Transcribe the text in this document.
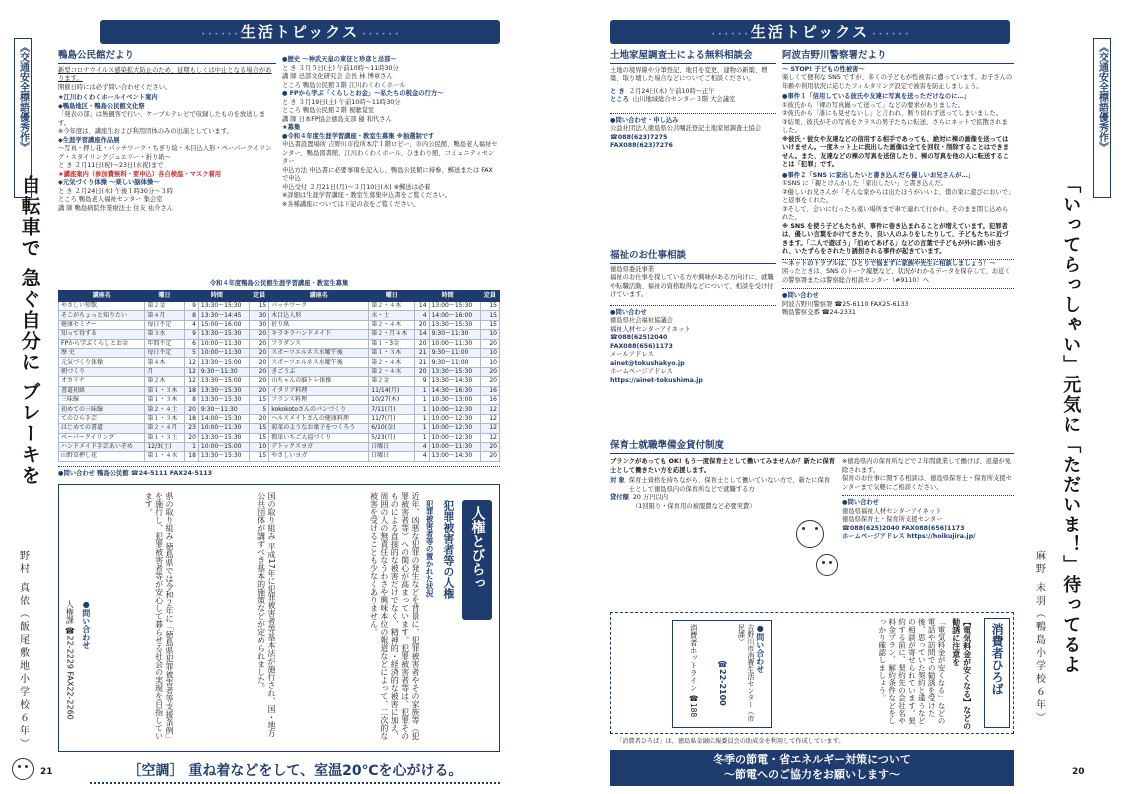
《交通安全標語優秀作》
自転車で 急ぐ自分に ブレーキを
野村 真依（飯尾敷地小学校６年）
21
· · · 生活トピックス · · ·
鴨島公民館だより
新型コロナウイルス感染拡大防止のため、延期もしくは中止となる場合があります。
開催日時には必ず問い合わせください。
★江川わくわくホールイベント案内
◆鴨島地区・鴨島公民館文化祭
「発表の部」は無観客で行い、ケーブルテレビで収録したものを放送します。
※今年度は、講座生および利用団体のみの出演としています。
◆生涯学習講座作品展
〜写真・押し花・パッチワーク・ちぎり絵・木目込人形・ペーパークイリング・スタイリングジュエリー・折り紙〜
と き ２月11日(祝)〜23日(水祝)まで
★講座案内（参加費無料・要申込）各自検温・マスク着用
◆元気づくり体操 〜楽しい脳体操〜
と き ２月24日(木) 午後１時30分〜３時
ところ 鴨島老人福祉センター 集会室
講 師 鴨島病院作業療法士 住友 祐介さん
●歴史 〜神武天皇の東征と珍彦と忌部〜
と き ３月５日(土) 午前10時〜11時30分
講 師 忌部文化研究会 会長 林 博章さん
ところ 鴨島公民館３階 江川わくわくホール
● FPから学ぶ「くらしとお金」〜私たちの税金の行方〜
と き ３月19日(土) 午前10時〜11時30分
ところ 鴨島公民館２階 視聴覚室
講 師 日本FP協会徳島支部 優 和代さん
★募集
●令和４年度生涯学習講座・教室生募集 ※抽選制です
申込書設置場所 吉野川市役所本庁１階ロビー、市内公民館、鴨島老人福祉センター、鴨島図書館、江川わくわくホール、ひまわり館、コミュニティセンター
申込方法 申込書に必要事項を記入し、鴨島公民館に持参、郵送または FAX で申込
申込受付 ２月21日(月)〜３月10日(木) ※郵送は必着
※詳細は生涯学習講座・教室生募集申込書をご覧ください。
※各種講座については下記の表をご覧ください。
令和４年度鴨島公民館生涯学習講座・教室生募集
講座名	曜日	時間		定員	講座名	曜日	時間		定員
やさしい短歌	第２金	9	13:30〜15:30	15	パッチワーク	第２・４木	14	13:00〜15:30	15
そこがちょっと知りたい	第４月	8	13:30〜14:45	30	木目込人形	水・土	4	14:00〜16:00	15
健康セミナー	毎日不定	4	15:00〜16:00	30	折り紙	第２・４木	20	13:30〜15:30	15
知って得する	第３水	9	13:30〜15:30	20	キラキラハンドメイド	第２・月４木	14	9:30〜11:30	10
FPから学ぶくらしとお金	年間不定	6	10:00〜11:30	20	フラダンス	第１・3金	20	10:00〜11:30	20
歴 史	毎日不定	5	10:00〜11:30	20	スポーツエルネス水曜午後	第１・３木	21	9:30〜11:00	10
元気づくり体操	第４木	12	13:30〜15:00	20	スポーツエルネス水曜午後	第２・４木	21	9:30〜11:00	10
朝づくり	月	12	9:30〜11:30	20	きごうぶ	第２・４水	20	13:30〜15:30	20
オカリナ	第２木	12	13:30〜15:00	20	山ちゃんの脳トレ体操	第２金	9	13:30〜14:30	20
書道初級	第１・３木	18	13:30〜15:30	20	イタリア料理	11/14(月)	1	14:30〜16:30	16
三味線	第１・３木	8	13:30〜15:30	15	フランス料理	10/27(木)	1	10:30〜13:00	16
初めての三味線	第２・４土	20	9:30〜11:30	5	kokokotoさんのパンづくり	7/11(月)	1	10:00〜12:30	12
てのひら手芸	第１・３木	18	14:00〜15:30	20	ヘルスメイトさんの健康料理	11/7(月)	1	10:00〜12:30	12
はじめての書道	第２・４月	23	10:00〜11:30	15	菊菜のようなお菓子をつくろう	6/10(金)	1	10:00〜12:30	12
ペーパークイリング	第１・３土	20	13:30〜15:30	15	簡単いちご大福づくり	5/23(月)	1	10:00〜12:30	12
ハンドメイド手芸あいぞめ	12/3(土)	1	10:00〜15:00	10	デトックスヨガ	日曜日	4	10:00〜11:30	20
山野草押し花	第１・４水	18	13:30〜15:30	15	やさしいヨガ	日曜日	4	13:00〜14:30	20
●問い合わせ 鴨島公民館 ☎24-5111 FAX24-5113
人権とびらっ
犯罪被害者等の人権
犯罪被害者等の置かれた状況
近年、凶悪な犯罪の発生などを背景に、犯罪被害者やその家族等（犯罪被害者等）への関心が高まっています。犯罪被害者等は、犯罪そのものによる直接的な被害だけでなく、精神的・経済的な被害に加え、周囲の人の無責任なうわさや興味本位の報道などによって、二次的な被害を受けることも少なくありません。
国の取り組み 平成17年に犯罪被害者等基本法が施行され、国・地方公共団体が講ずべき基本的施策などが定められました。
県の取り組み 徳島県では令和２年に「徳島県犯罪被害者等支援条例」を施行し、犯罪被害者等が安心して暮らせる社会の実現を目指しています。
●問い合わせ
人権課 ☎22-2229 FAX22-2260
［空調］ 重ね着などをして、室温20℃を心がける。
· · · 生活トピックス · · ·
土地家屋調査士による無料相談会
土地の境界線や分筆登記、地目を変更、建物の新築、増築、取り壊した場合などについてご相談ください。
と き ２月24日(木) 午前10時〜正午
ところ 山川地域総合センター３階 大会議室
●問い合わせ・申し込み
公益社団法人徳島県公共嘱託登記土地家屋調査士協会
☎088(623)7275
FAX088(623)7276
福祉のお仕事相談
徳島県委託事業
福祉のお仕事を探している方や興味がある方向けに、就職や転職活動、福祉の資格取得などについて、相談を受け付けています。
●問い合わせ
徳島県社会福祉協議会
福祉人材センターアイネット
☎088(625)2040
FAX088(656)1173
メールアドレス
ainet@tokushakyo.jp
ホームページアドレス
https://ainet-tokushima.jp
阿波吉野川警察署だより
〜 STOP! 子どもの性被害〜
楽しくて便利な SNS ですが、多くの子どもが性被害に遭っています。お子さんの年齢や利用状況に応じたフィルタリング設定で被害を防止しましょう。
●事件１「信用している彼氏や友達に写真を送っただけなのに…」
①彼氏から「裸の写真撮って送って」などの要求がありました。
②彼氏から「誰にも見せないし」と言われ、断り切れず送ってしまいました。
③結果、彼氏がその写真をクラスの男子たちに転送、さらにネットで拡散されました。
※彼氏・彼女や友達などの信用する相手であっても、絶対に裸の画像を送ってはいけません。一度ネット上に流出した画像は全てを回収・削除することはできません。また、友達などの裸の写真を送信したり、裸の写真を他の人に転送することは「犯罪」です。
●事件２「SNS に家出したいと書き込んだら優しいお兄さんが…」
①SNS に「親とけんかした「家出したい」と書き込んだ。
②優しいお兄さんが「そんな家からは出たほうがいいよ、僕の家に遊びにおいで」と返事をくれた。
③そして、会いに行ったら遠い場所まで車で連れて行かれ、そのまま閉じ込められた。
※ SNS を使う子どもたちが、事件に巻き込まれることが増えています。犯罪者は、優しい言葉をかけてきたり、良い人のふりをしたりして、子どもたちに近づきます。「二人で遊ぼう」「泊めてあげる」などの言葉で子どもが外に誘い出され、いたずらをされたり誘拐される事件が起きています。
〜ネットのトラブルは、ひとりで悩まずに家族や先生に相談しましょう！〜
困ったときは、SNS のトーク履歴など、状況がわかるデータを保存して、お近くの警察署または警察総合相談センター（#9110）へ
●問い合わせ
阿波吉野川警察署 ☎25-6110 FAX25-6133
鴨島警察交番 ☎24-2331
保育士就職準備金貸付制度
ブランクがあっても OK! もう一度保育士として働いてみませんか？新たに保育士として働きたい方を応援します。
対 象 保育士資格を持ちながら、保育士として働いていない方で、新たに保育士として徳島県内の保育所などで就職する方
貸付額 20 万円以内
（1回限り・保育用の被服費など必要実費）
※徳島県内の保育所などで２年間就業して働けば、返還が免除されます。
保育のお仕事に関する相談は、徳島県保育士・保育所支援センターまで気軽にご相談ください。
●問い合わせ
徳島県福祉人材センターアイネット
徳島県保育士・保育所支援センター
☎088(625)2040 FAX088(656)1173
ホームページアドレス https://hoikujira.jp/
消費者ひろば
【電気料金が安くなる】などの勧誘に注意を
「電気料金が安くなる」などの電話や訪問での勧誘を受けた後、思っていた契約と違うなどの相談が寄せられています。契約する前に、契約先の会社名や料金プラン、解約条件などをしっかり確認しましょう。
●問い合わせ
吉野川市消費生活センター（市民課）
☎22-2100
消費者ホットライン ☎188
「消費者ひろば」は、徳島県金融広報委員会の助成金を利用して作成しています。
冬季の節電・省エネルギー対策について
〜節電へのご協力をお願いします〜	20
《交通安全標語優秀作》
「いってらっしゃい」元気に「ただいま！」待ってるよ
麻野 未羽（鴨島小学校６年）
